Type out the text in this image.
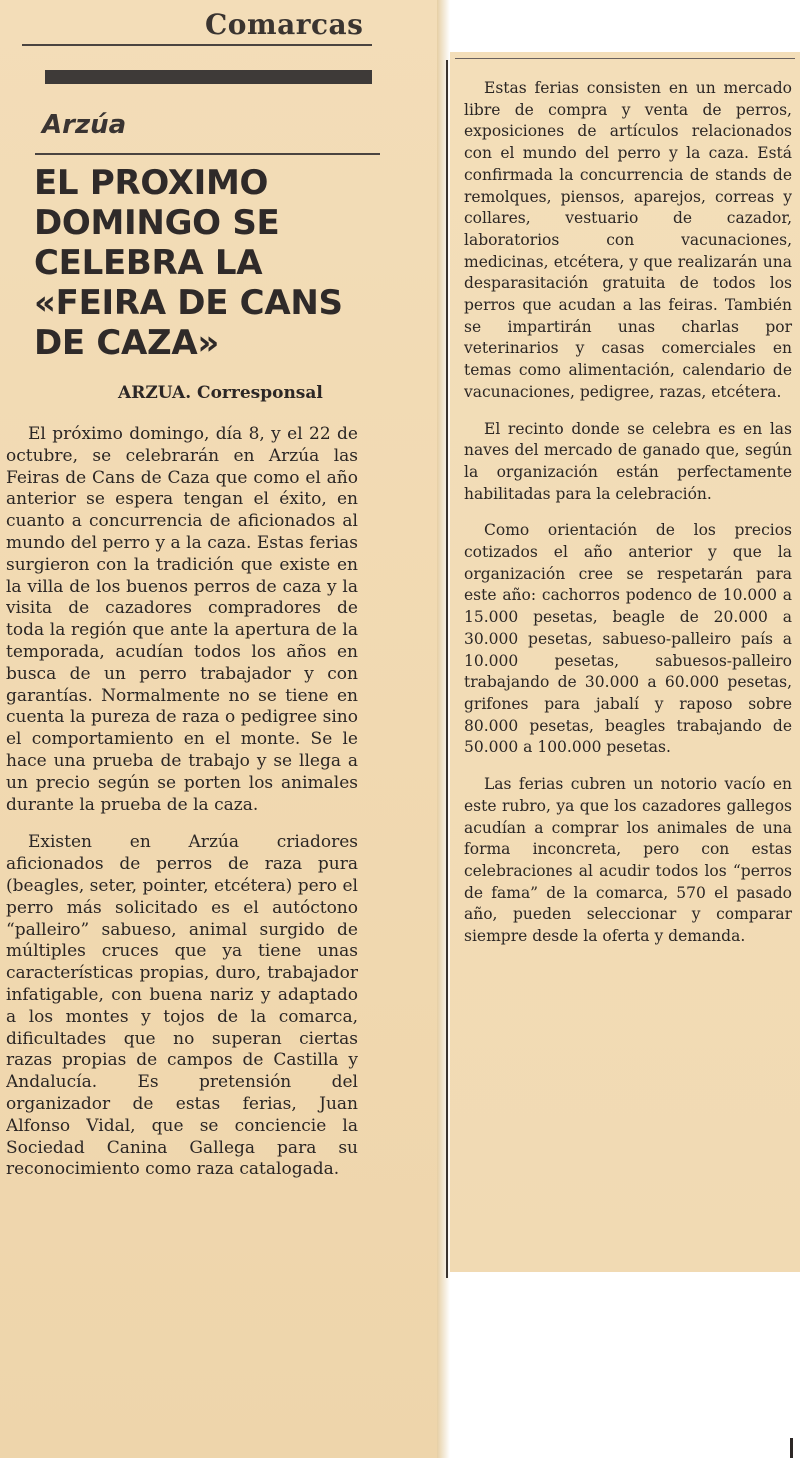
Comarcas
Arzúa
EL PROXIMO DOMINGO SE CELEBRA LA «FEIRA DE CANS DE CAZA»
ARZUA. Corresponsal

El próximo domingo, día 8, y el 22 de octubre, se celebrarán en Arzúa las Feiras de Cans de Caza que como el año anterior se espera tengan el éxito, en cuanto a concurrencia de aficionados al mundo del perro y a la caza. Estas ferias surgieron con la tradición que existe en la villa de los buenos perros de caza y la visita de cazadores compradores de toda la región que ante la apertura de la temporada, acudían todos los años en busca de un perro trabajador y con garantías. Normalmente no se tiene en cuenta la pureza de raza o pedigree sino el comportamiento en el monte. Se le hace una prueba de trabajo y se llega a un precio según se porten los animales durante la prueba de la caza.

Existen en Arzúa criadores aficionados de perros de raza pura (beagles, seter, pointer, etcétera) pero el perro más solicitado es el autóctono “palleiro” sabueso, animal surgido de múltiples cruces que ya tiene unas características propias, duro, trabajador infatigable, con buena nariz y adaptado a los montes y tojos de la comarca, dificultades que no superan ciertas razas propias de campos de Castilla y Andalucía. Es pretensión del organizador de estas ferias, Juan Alfonso Vidal, que se conciencie la Sociedad Canina Gallega para su reconocimiento como raza catalogada.

Estas ferias consisten en un mercado libre de compra y venta de perros, exposiciones de artículos relacionados con el mundo del perro y la caza. Está confirmada la concurrencia de stands de remolques, piensos, aparejos, correas y collares, vestuario de cazador, laboratorios con vacunaciones, medicinas, etcétera, y que realizarán una desparasitación gratuita de todos los perros que acudan a las feiras. También se impartirán unas charlas por veterinarios y casas comerciales en temas como alimentación, calendario de vacunaciones, pedigree, razas, etcétera.

El recinto donde se celebra es en las naves del mercado de ganado que, según la organización están perfectamente habilitadas para la celebración.

Como orientación de los precios cotizados el año anterior y que la organización cree se respetarán para este año: cachorros podenco de 10.000 a 15.000 pesetas, beagle de 20.000 a 30.000 pesetas, sabueso-palleiro país a 10.000 pesetas, sabuesos-palleiro trabajando de 30.000 a 60.000 pesetas, grifones para jabalí y raposo sobre 80.000 pesetas, beagles trabajando de 50.000 a 100.000 pesetas.

Las ferias cubren un notorio vacío en este rubro, ya que los cazadores gallegos acudían a comprar los animales de una forma inconcreta, pero con estas celebraciones al acudir todos los “perros de fama” de la comarca, 570 el pasado año, pueden seleccionar y comparar siempre desde la oferta y demanda.
